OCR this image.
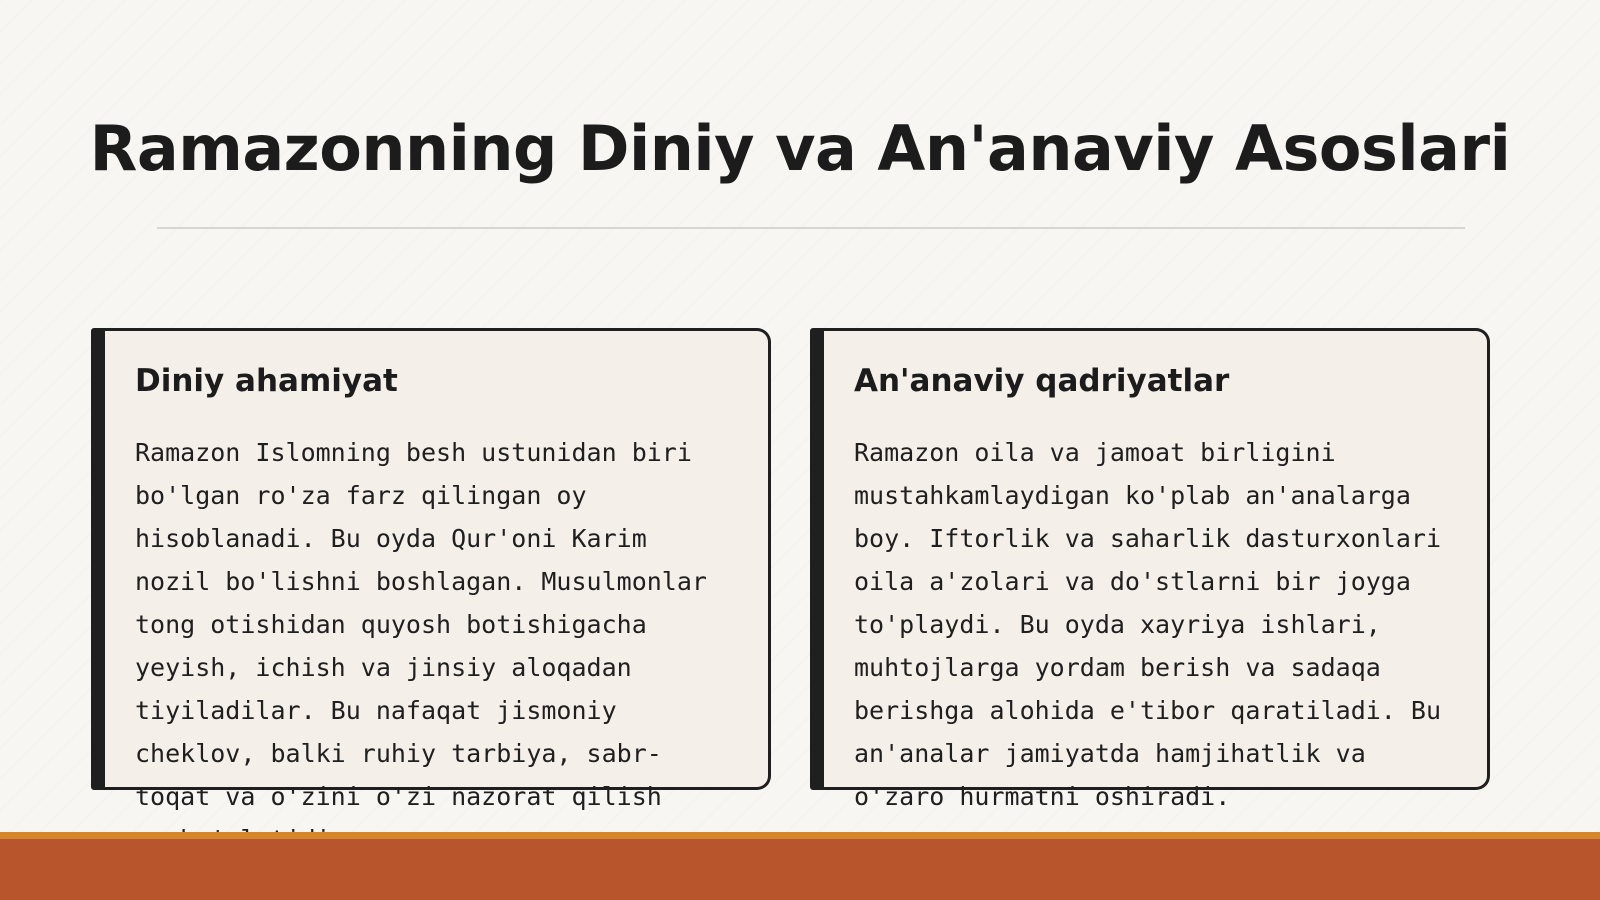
Ramazonning Diniy va An'anaviy Asoslari
Diniy ahamiyat

Ramazon Islomning besh ustunidan biri
bo'lgan ro'za farz qilingan oy
hisoblanadi. Bu oyda Qur'oni Karim
nozil bo'lishni boshlagan. Musulmonlar
tong otishidan quyosh botishigacha
yeyish, ichish va jinsiy aloqadan
tiyiladilar. Bu nafaqat jismoniy
cheklov, balki ruhiy tarbiya, sabr-
toqat va o'zini o'zi nazorat qilish

An'anaviy qadriyatlar

Ramazon oila va jamoat birligini
mustahkamlaydigan ko'plab an'analarga
boy. Iftorlik va saharlik dasturxonlari
oila a'zolari va do'stlarni bir joyga
to'playdi. Bu oyda xayriya ishlari,
muhtojlarga yordam berish va sadaqa
berishga alohida e'tibor qaratiladi. Bu
an'analar jamiyatda hamjihatlik va
o'zaro hurmatni oshiradi.
